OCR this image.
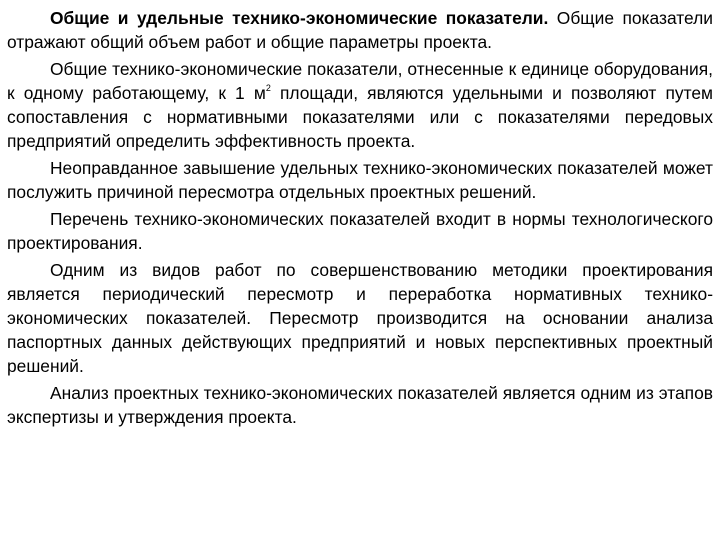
Общие и удельные технико-экономические показатели. Общие показатели отражают общий объем работ и общие параметры проекта.

Общие технико-экономические показатели, отнесенные к единице оборудования, к одному работающему, к 1 $м^2$ площади, являются удельными и позволяют путем сопоставления с нормативными показателями или с показателями передовых предприятий определить эффективность проекта.

Неоправданное завышение удельных технико-экономических показателей может послужить причиной пересмотра отдельных проектных решений.

Перечень технико-экономических показателей входит в нормы технологического проектирования.

Одним из видов работ по совершенствованию методики проектирования является периодический пересмотр и переработка нормативных технико-экономических показателей. Пересмотр производится на основании анализа паспортных данных действующих предприятий и новых перспективных проектный решений.

Анализ проектных технико-экономических показателей является одним из этапов экспертизы и утверждения проекта.
